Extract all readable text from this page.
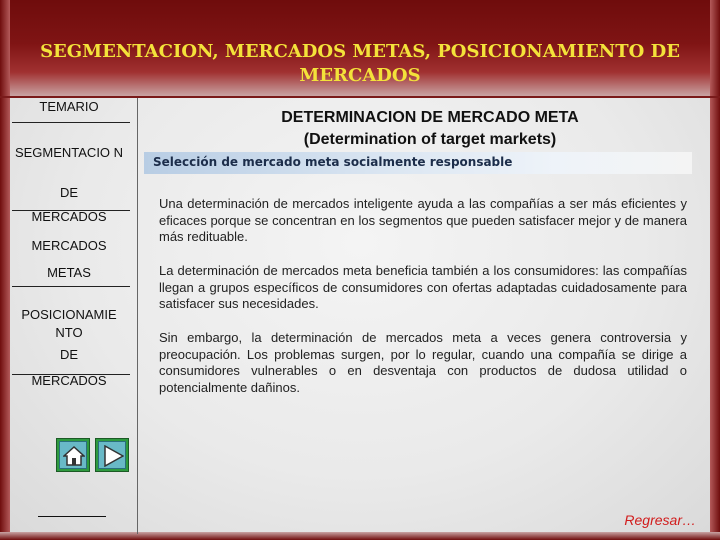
SEGMENTACION, MERCADOS METAS, POSICIONAMIENTO DE MERCADOS
TEMARIO
SEGMENTACIO N
DE
MERCADOS
MERCADOS
METAS
POSICIONAMIE NTO
DE
MERCADOS
DETERMINACION DE MERCADO META
(Determination of target markets)
Selección de mercado meta socialmente responsable
Una determinación de mercados inteligente ayuda a las compañías a ser más eficientes y eficaces porque se concentran en los segmentos que pueden satisfacer mejor y de manera más redituable.
La determinación de mercados meta beneficia también a los consumidores: las compañías llegan a grupos específicos de consumidores con ofertas adaptadas cuidadosamente para satisfacer sus necesidades.
Sin embargo, la determinación de mercados meta a veces genera controversia y preocupación. Los problemas surgen, por lo regular, cuando una compañía se dirige a consumidores vulnerables o en desventaja con productos de dudosa utilidad o potencialmente dañinos.
Regresar…
